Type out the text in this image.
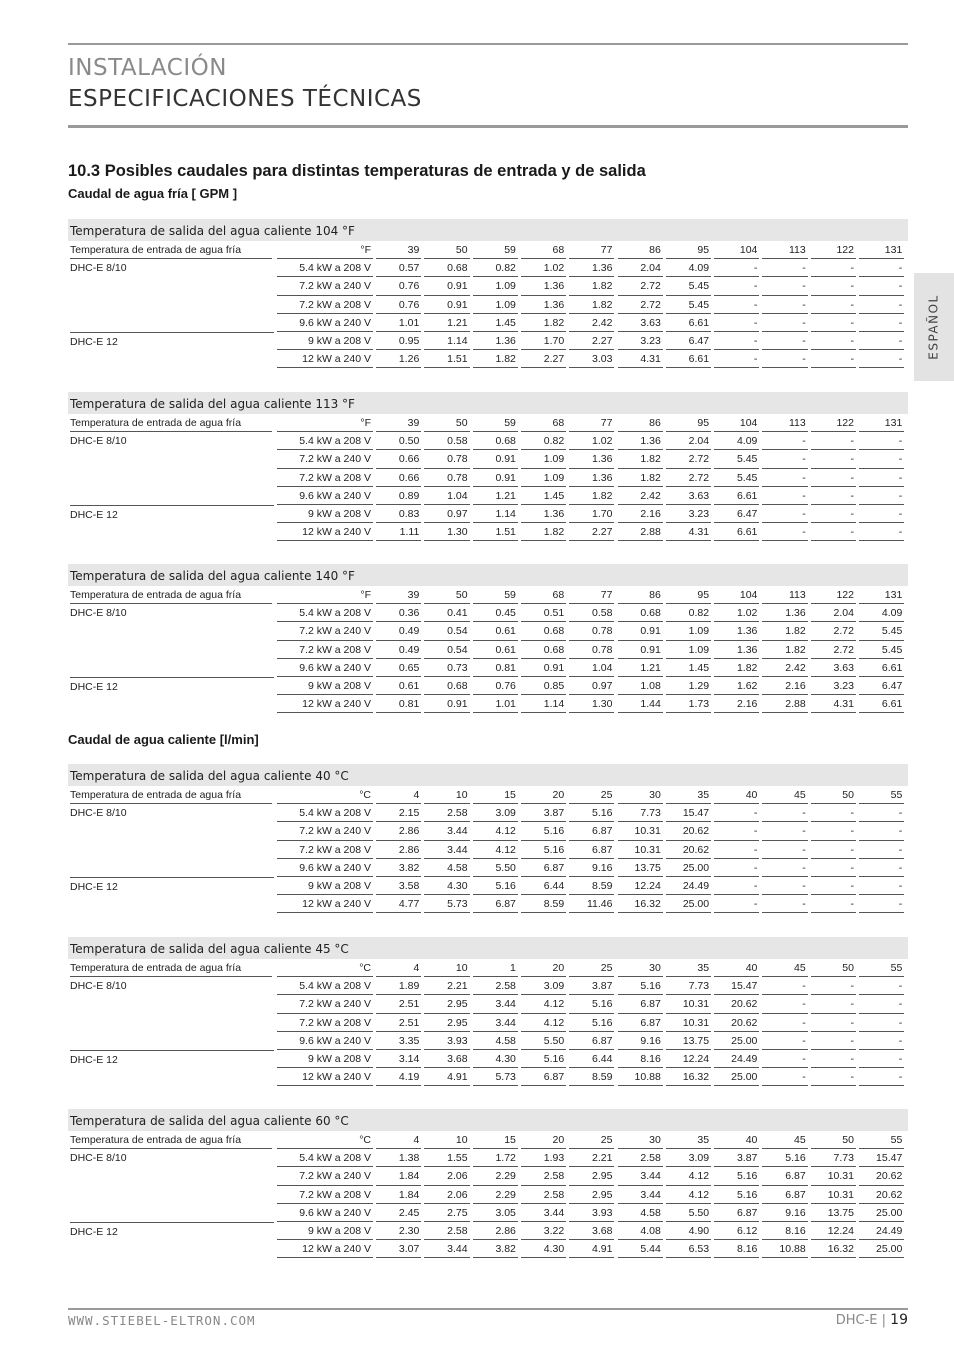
INSTALACIÓN
ESPECIFICACIONES TÉCNICAS
ESPAÑOL
10.3 Posibles caudales para distintas temperaturas de entrada y de salida
Caudal de agua fría [ GPM ]
Caudal de agua caliente [l/min]
Temperatura de salida del agua caliente 104 °F
Temperatura de entrada de agua fría	°F	39	50	59	68	77	86	95	104	113	122	131
DHC-E 8/10	5.4 kW a 208 V	0.57	0.68	0.82	1.02	1.36	2.04	4.09	-	-	-	-
7.2 kW a 240 V	0.76	0.91	1.09	1.36	1.82	2.72	5.45	-	-	-	-
7.2 kW a 208 V	0.76	0.91	1.09	1.36	1.82	2.72	5.45	-	-	-	-
9.6 kW a 240 V	1.01	1.21	1.45	1.82	2.42	3.63	6.61	-	-	-	-
DHC-E 12	9 kW a 208 V	0.95	1.14	1.36	1.70	2.27	3.23	6.47	-	-	-	-
12 kW a 240 V	1.26	1.51	1.82	2.27	3.03	4.31	6.61	-	-	-	-
Temperatura de salida del agua caliente 113 °F
Temperatura de entrada de agua fría	°F	39	50	59	68	77	86	95	104	113	122	131
DHC-E 8/10	5.4 kW a 208 V	0.50	0.58	0.68	0.82	1.02	1.36	2.04	4.09	-	-	-
7.2 kW a 240 V	0.66	0.78	0.91	1.09	1.36	1.82	2.72	5.45	-	-	-
7.2 kW a 208 V	0.66	0.78	0.91	1.09	1.36	1.82	2.72	5.45	-	-	-
9.6 kW a 240 V	0.89	1.04	1.21	1.45	1.82	2.42	3.63	6.61	-	-	-
DHC-E 12	9 kW a 208 V	0.83	0.97	1.14	1.36	1.70	2.16	3.23	6.47	-	-	-
12 kW a 240 V	1.11	1.30	1.51	1.82	2.27	2.88	4.31	6.61	-	-	-
Temperatura de salida del agua caliente 140 °F
Temperatura de entrada de agua fría	°F	39	50	59	68	77	86	95	104	113	122	131
DHC-E 8/10	5.4 kW a 208 V	0.36	0.41	0.45	0.51	0.58	0.68	0.82	1.02	1.36	2.04	4.09
7.2 kW a 240 V	0.49	0.54	0.61	0.68	0.78	0.91	1.09	1.36	1.82	2.72	5.45
7.2 kW a 208 V	0.49	0.54	0.61	0.68	0.78	0.91	1.09	1.36	1.82	2.72	5.45
9.6 kW a 240 V	0.65	0.73	0.81	0.91	1.04	1.21	1.45	1.82	2.42	3.63	6.61
DHC-E 12	9 kW a 208 V	0.61	0.68	0.76	0.85	0.97	1.08	1.29	1.62	2.16	3.23	6.47
12 kW a 240 V	0.81	0.91	1.01	1.14	1.30	1.44	1.73	2.16	2.88	4.31	6.61
Temperatura de salida del agua caliente 40 °C
Temperatura de entrada de agua fría	°C	4	10	15	20	25	30	35	40	45	50	55
DHC-E 8/10	5.4 kW a 208 V	2.15	2.58	3.09	3.87	5.16	7.73	15.47	-	-	-	-
7.2 kW a 240 V	2.86	3.44	4.12	5.16	6.87	10.31	20.62	-	-	-	-
7.2 kW a 208 V	2.86	3.44	4.12	5.16	6.87	10.31	20.62	-	-	-	-
9.6 kW a 240 V	3.82	4.58	5.50	6.87	9.16	13.75	25.00	-	-	-	-
DHC-E 12	9 kW a 208 V	3.58	4.30	5.16	6.44	8.59	12.24	24.49	-	-	-	-
12 kW a 240 V	4.77	5.73	6.87	8.59	11.46	16.32	25.00	-	-	-	-
Temperatura de salida del agua caliente 45 °C
Temperatura de entrada de agua fría	°C	4	10	1	20	25	30	35	40	45	50	55
DHC-E 8/10	5.4 kW a 208 V	1.89	2.21	2.58	3.09	3.87	5.16	7.73	15.47	-	-	-
7.2 kW a 240 V	2.51	2.95	3.44	4.12	5.16	6.87	10.31	20.62	-	-	-
7.2 kW a 208 V	2.51	2.95	3.44	4.12	5.16	6.87	10.31	20.62	-	-	-
9.6 kW a 240 V	3.35	3.93	4.58	5.50	6.87	9.16	13.75	25.00	-	-	-
DHC-E 12	9 kW a 208 V	3.14	3.68	4.30	5.16	6.44	8.16	12.24	24.49	-	-	-
12 kW a 240 V	4.19	4.91	5.73	6.87	8.59	10.88	16.32	25.00	-	-	-
Temperatura de salida del agua caliente 60 °C
Temperatura de entrada de agua fría	°C	4	10	15	20	25	30	35	40	45	50	55
DHC-E 8/10	5.4 kW a 208 V	1.38	1.55	1.72	1.93	2.21	2.58	3.09	3.87	5.16	7.73	15.47
7.2 kW a 240 V	1.84	2.06	2.29	2.58	2.95	3.44	4.12	5.16	6.87	10.31	20.62
7.2 kW a 208 V	1.84	2.06	2.29	2.58	2.95	3.44	4.12	5.16	6.87	10.31	20.62
9.6 kW a 240 V	2.45	2.75	3.05	3.44	3.93	4.58	5.50	6.87	9.16	13.75	25.00
DHC-E 12	9 kW a 208 V	2.30	2.58	2.86	3.22	3.68	4.08	4.90	6.12	8.16	12.24	24.49
12 kW a 240 V	3.07	3.44	3.82	4.30	4.91	5.44	6.53	8.16	10.88	16.32	25.00
WWW.STIEBEL-ELTRON.COM	DHC-E | 19
